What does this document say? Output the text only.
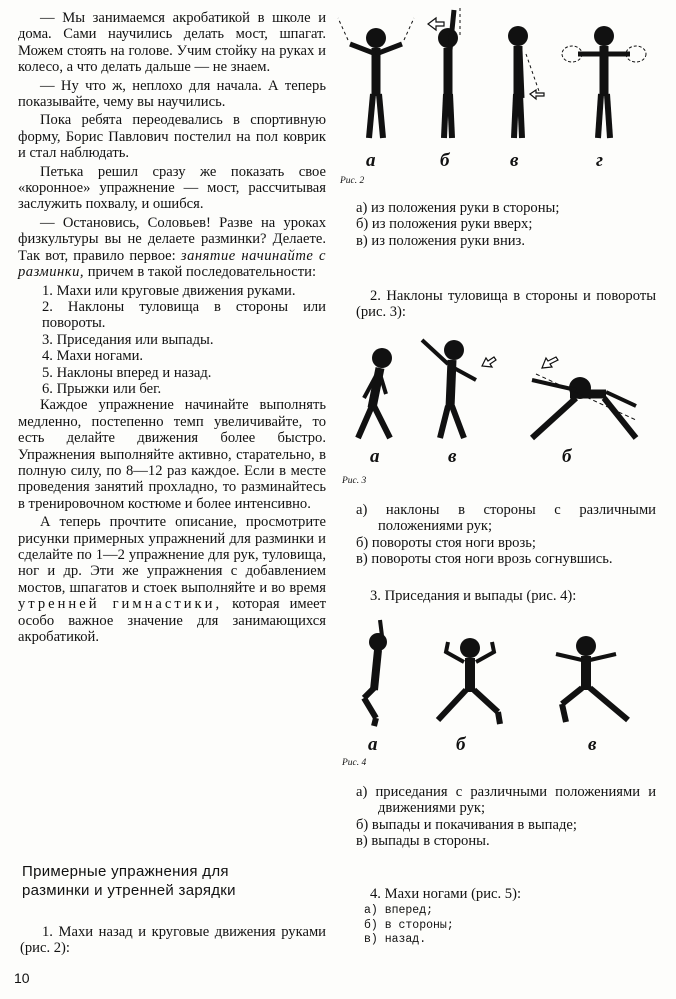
— Мы занимаемся акробатикой в школе и дома. Сами научились делать мост, шпагат. Можем стоять на голове. Учим стойку на руках и колесо, а что делать дальше — не знаем.

— Ну что ж, неплохо для начала. А теперь показывайте, чему вы научились.

Пока ребята переодевались в спортивную форму, Борис Павлович постелил на пол коврик и стал наблюдать.

Петька решил сразу же показать свое «коронное» упражнение — мост, рассчитывая заслужить похвалу, и ошибся.

— Остановись, Соловьев! Разве на уроках физкультуры вы не делаете разминки? Делаете. Так вот, правило первое: занятие начинайте с разминки, причем в такой последовательности:

1. Махи или круговые движения руками.

2. Наклоны туловища в стороны или повороты.

3. Приседания или выпады.

4. Махи ногами.

5. Наклоны вперед и назад.

6. Прыжки или бег.

Каждое упражнение начинайте выполнять медленно, постепенно темп увеличивайте, то есть делайте движения более быстро. Упражнения выполняйте активно, старательно, в полную силу, по 8—12 раз каждое. Если в месте проведения занятий прохладно, то разминайтесь в тренировочном костюме и более интенсивно.

А теперь прочтите описание, просмотрите рисунки примерных упражнений для разминки и сделайте по 1—2 упражнение для рук, туловища, ног и др. Эти же упражнения с добавлением мостов, шпагатов и стоек выполняйте и во время утренней гимнастики, которая имеет особо важное значение для занимающихся акробатикой.

Примерные упражнения для
разминки и утренней зарядки

1. Махи назад и круговые движения руками (рис. 2):

10
а	б	в	г
Рис. 2

а) из положения руки в стороны;

б) из положения руки вверх;

в) из положения руки вниз.

2. Наклоны туловища в стороны и повороты (рис. 3):

а	в	б
Рис. 3

а) наклоны в стороны с различными положениями рук;

б) повороты стоя ноги врозь;

в) повороты стоя ноги врозь согнувшись.

3. Приседания и выпады (рис. 4):

а	б	в
Рис. 4

а) приседания с различными положениями и движениями рук;

б) выпады и покачивания в выпаде;

в) выпады в стороны.

4. Махи ногами (рис. 5):

а) вперед;
б) в стороны;
в) назад.
